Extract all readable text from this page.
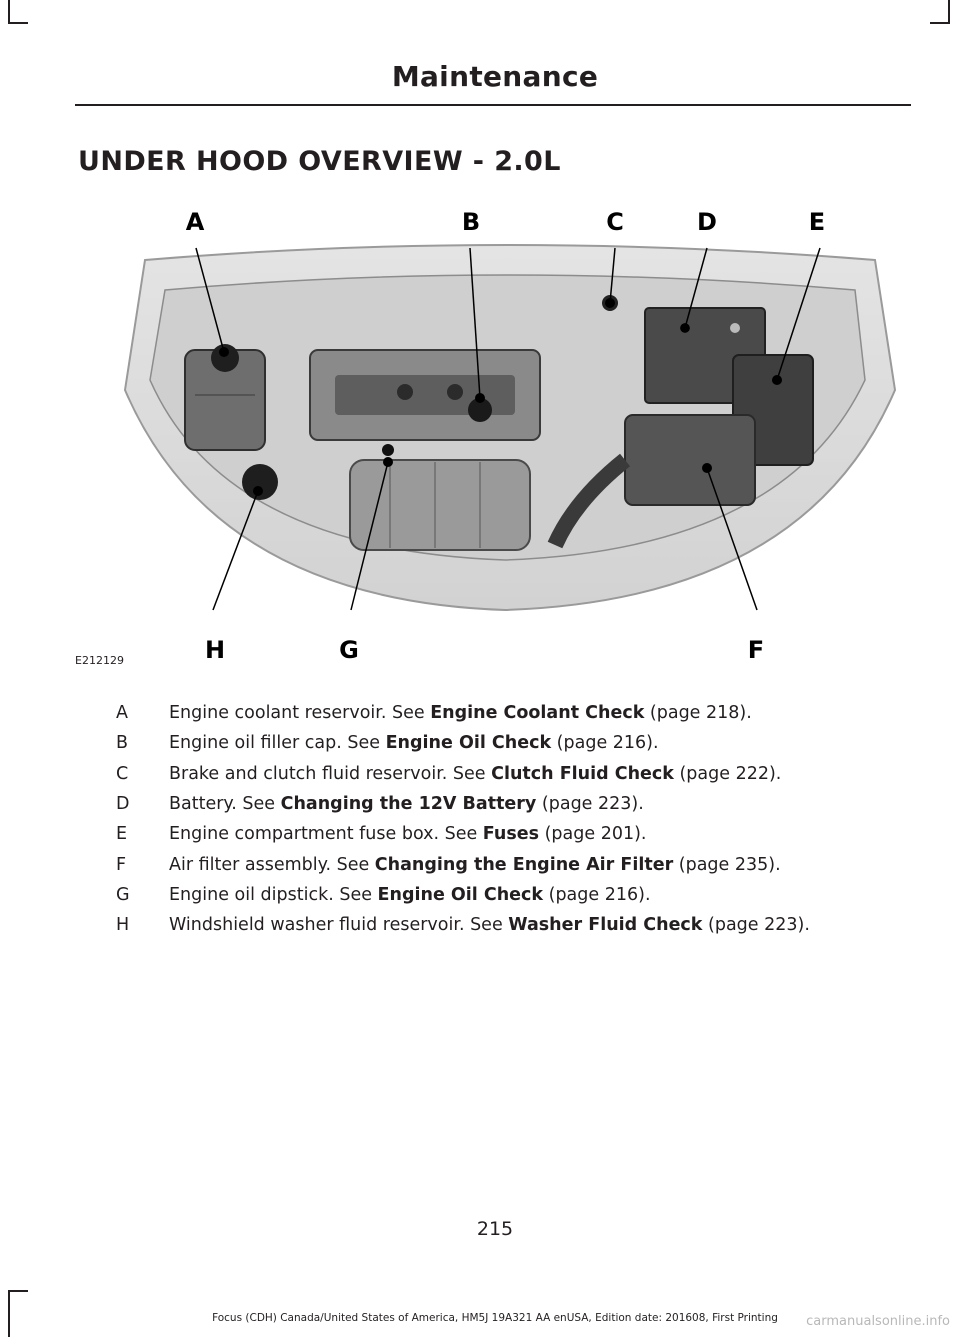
Maintenance
UNDER HOOD OVERVIEW - 2.0L
A	B	C	D	E
H	G	F
E212129
A	Engine coolant reservoir. See Engine Coolant Check (page 218).
B	Engine oil filler cap. See Engine Oil Check (page 216).
C	Brake and clutch fluid reservoir. See Clutch Fluid Check (page 222).
D	Battery. See Changing the 12V Battery (page 223).
E	Engine compartment fuse box. See Fuses (page 201).
F	Air filter assembly. See Changing the Engine Air Filter (page 235).
G	Engine oil dipstick. See Engine Oil Check (page 216).
H	Windshield washer fluid reservoir. See Washer Fluid Check (page 223).
215
Focus (CDH) Canada/United States of America, HM5J 19A321 AA enUSA, Edition date: 201608, First Printing	carmanualsonline.info
